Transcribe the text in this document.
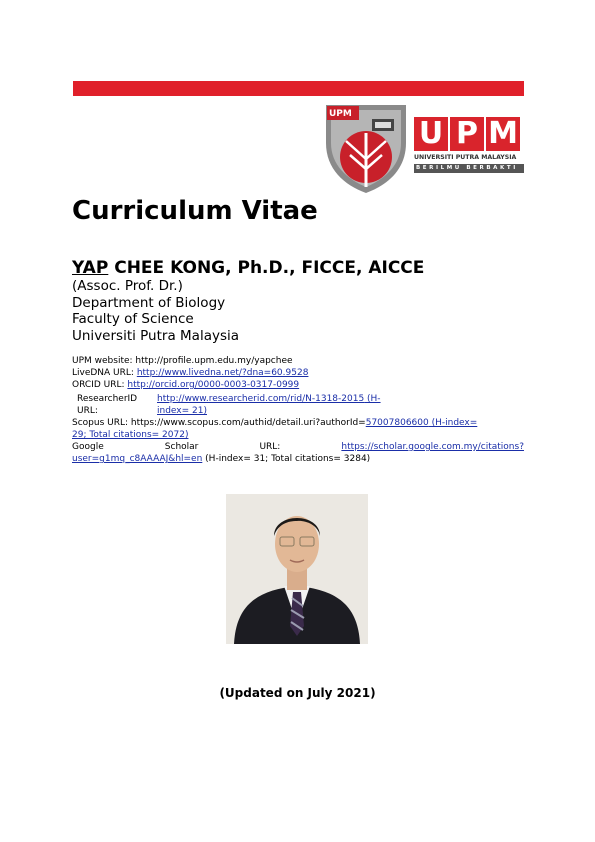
UPM
U P M
UNIVERSITI PUTRA MALAYSIA
BERILMU BERBAKTI
Curriculum Vitae
YAP CHEE KONG, Ph.D., FICCE, AICCE
(Assoc. Prof. Dr.)
Department of Biology
Faculty of Science
Universiti Putra Malaysia
UPM website: http://profile.upm.edu.my/yapchee
LiveDNA URL: http://www.livedna.net/?dna=60.9528
ORCID URL: http://orcid.org/0000-0003-0317-0999
ResearcherID
URL:
http://www.researcherid.com/rid/N-1318-2015 (H-
index= 21)
Scopus URL: https://www.scopus.com/authid/detail.uri?authorId=57007806600 (H-index=
29; Total citations= 2072)
Google	Scholar	URL:	https://scholar.google.com.my/citations?
user=g1mq_c8AAAAJ&hl=en (H-index= 31; Total citations= 3284)
(Updated on July 2021)
